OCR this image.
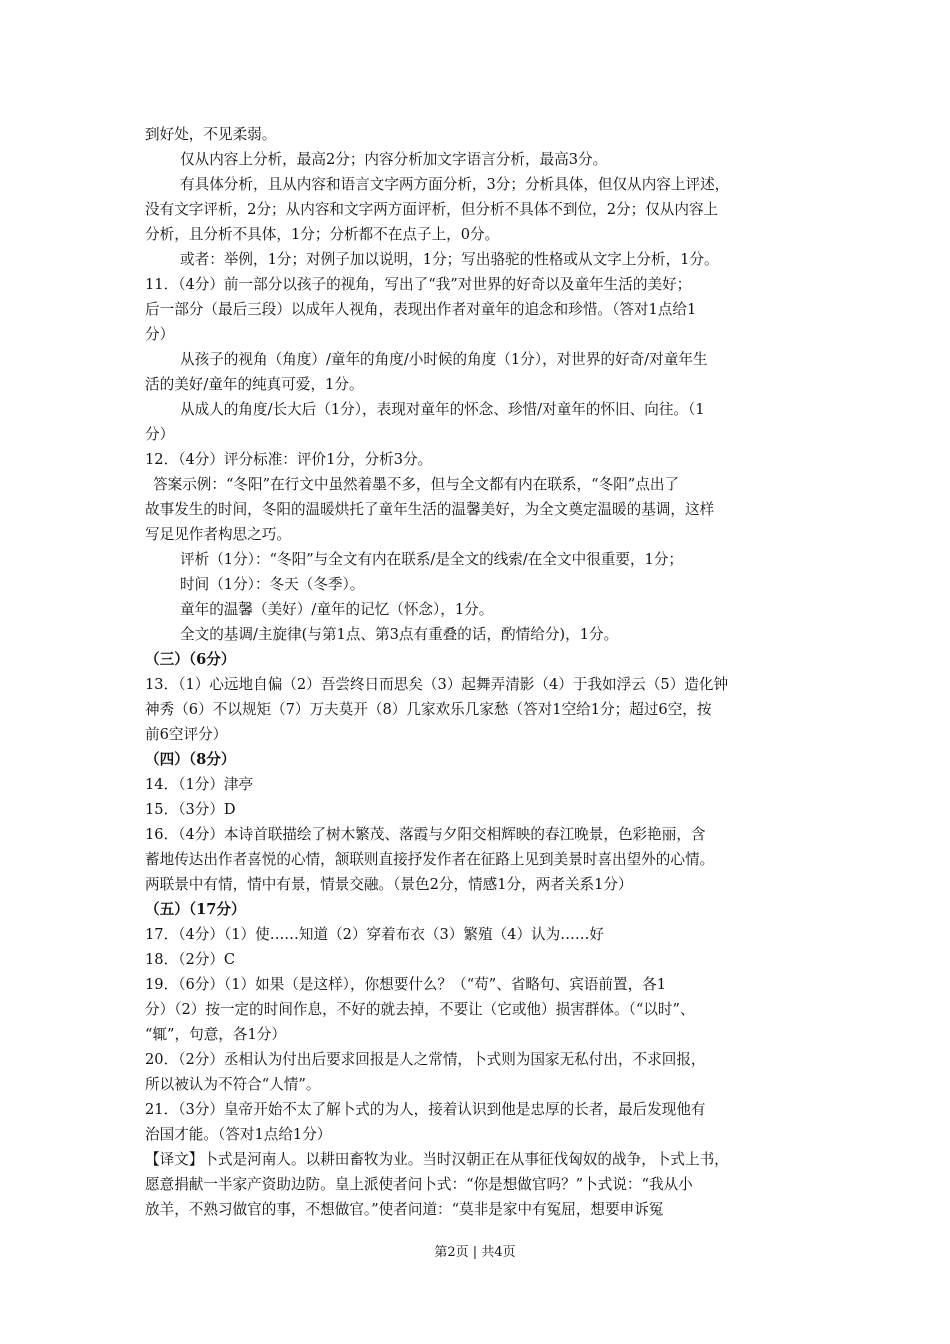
到好处，不见柔弱。
仅从内容上分析，最高2分；内容分析加文字语言分析，最高3分。
有具体分析，且从内容和语言文字两方面分析，3分；分析具体，但仅从内容上评述，
没有文字评析，2分；从内容和文字两方面评析，但分析不具体不到位，2分；仅从内容上
分析，且分析不具体，1分；分析都不在点子上，0分。
或者：举例，1分；对例子加以说明，1分；写出骆驼的性格或从文字上分析，1分。
11．（4分）前一部分以孩子的视角，写出了“我”对世界的好奇以及童年生活的美好；
后一部分（最后三段）以成年人视角，表现出作者对童年的追念和珍惜。（答对1点给1
分）
从孩子的视角（角度）/童年的角度/小时候的角度（1分），对世界的好奇/对童年生
活的美好/童年的纯真可爱，1分。
从成人的角度/长大后（1分），表现对童年的怀念、珍惜/对童年的怀旧、向往。（1
分）
12．（4分）评分标准：评价1分，分析3分。
答案示例：“冬阳”在行文中虽然着墨不多，但与全文都有内在联系，“冬阳”点出了
故事发生的时间，冬阳的温暖烘托了童年生活的温馨美好，为全文奠定温暖的基调，这样
写足见作者构思之巧。
评析（1分）：“冬阳”与全文有内在联系/是全文的线索/在全文中很重要，1分；
时间（1分）：冬天（冬季）。
童年的温馨（美好）/童年的记忆（怀念），1分。
全文的基调/主旋律(与第1点、第3点有重叠的话，酌情给分)，1分。
（三）（6分）
13．（1）心远地自偏（2）吾尝终日而思矣（3）起舞弄清影（4）于我如浮云（5）造化钟
神秀（6）不以规矩（7）万夫莫开（8）几家欢乐几家愁（答对1空给1分；超过6空，按
前6空评分）
（四）（8分）
14．（1分）津亭
15．（3分）D
16．（4分）本诗首联描绘了树木繁茂、落霞与夕阳交相辉映的春江晚景，色彩艳丽，含
蓄地传达出作者喜悦的心情，颔联则直接抒发作者在征路上见到美景时喜出望外的心情。
两联景中有情，情中有景，情景交融。（景色2分，情感1分，两者关系1分）
（五）（17分）
17．（4分）（1）使……知道（2）穿着布衣（3）繁殖（4）认为……好
18．（2分）C
19．（6分）（1）如果（是这样），你想要什么？（“苟”、省略句、宾语前置，各1
分）（2）按一定的时间作息，不好的就去掉，不要让（它或他）损害群体。（“以时”、
“辄”，句意，各1分）
20．（2分）丞相认为付出后要求回报是人之常情，卜式则为国家无私付出，不求回报，
所以被认为不符合“人情”。
21．（3分）皇帝开始不太了解卜式的为人，接着认识到他是忠厚的长者，最后发现他有
治国才能。（答对1点给1分）
【译文】卜式是河南人。以耕田畜牧为业。当时汉朝正在从事征伐匈奴的战争，卜式上书，
愿意捐献一半家产资助边防。皇上派使者问卜式：“你是想做官吗？”卜式说：“我从小
放羊，不熟习做官的事，不想做官。”使者问道：“莫非是家中有冤屈，想要申诉冤
第2页 | 共4页
